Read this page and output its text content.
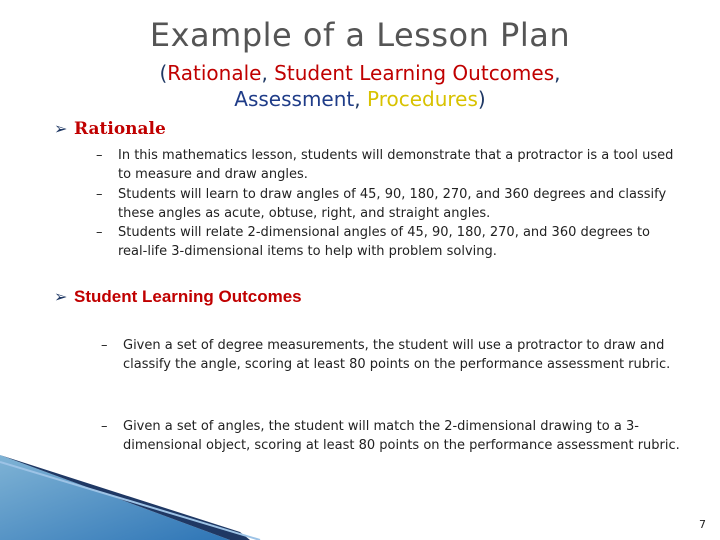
Example of a Lesson Plan
(Rationale, Student Learning Outcomes,
Assessment, Procedures)
➢ Rationale
– In this mathematics lesson, students will demonstrate that a protractor is a tool used to measure and draw angles.
– Students will learn to draw angles of 45, 90, 180, 270, and 360 degrees and classify these angles as acute, obtuse, right, and straight angles.
– Students will relate 2-dimensional angles of 45, 90, 180, 270, and 360 degrees to real-life 3-dimensional items to help with problem solving.
➢ Student Learning Outcomes
– Given a set of degree measurements, the student will use a protractor to draw and classify the angle, scoring at least 80 points on the performance assessment rubric.
– Given a set of angles, the student will match the 2-dimensional drawing to a 3-dimensional object, scoring at least 80 points on the performance assessment rubric.
7
